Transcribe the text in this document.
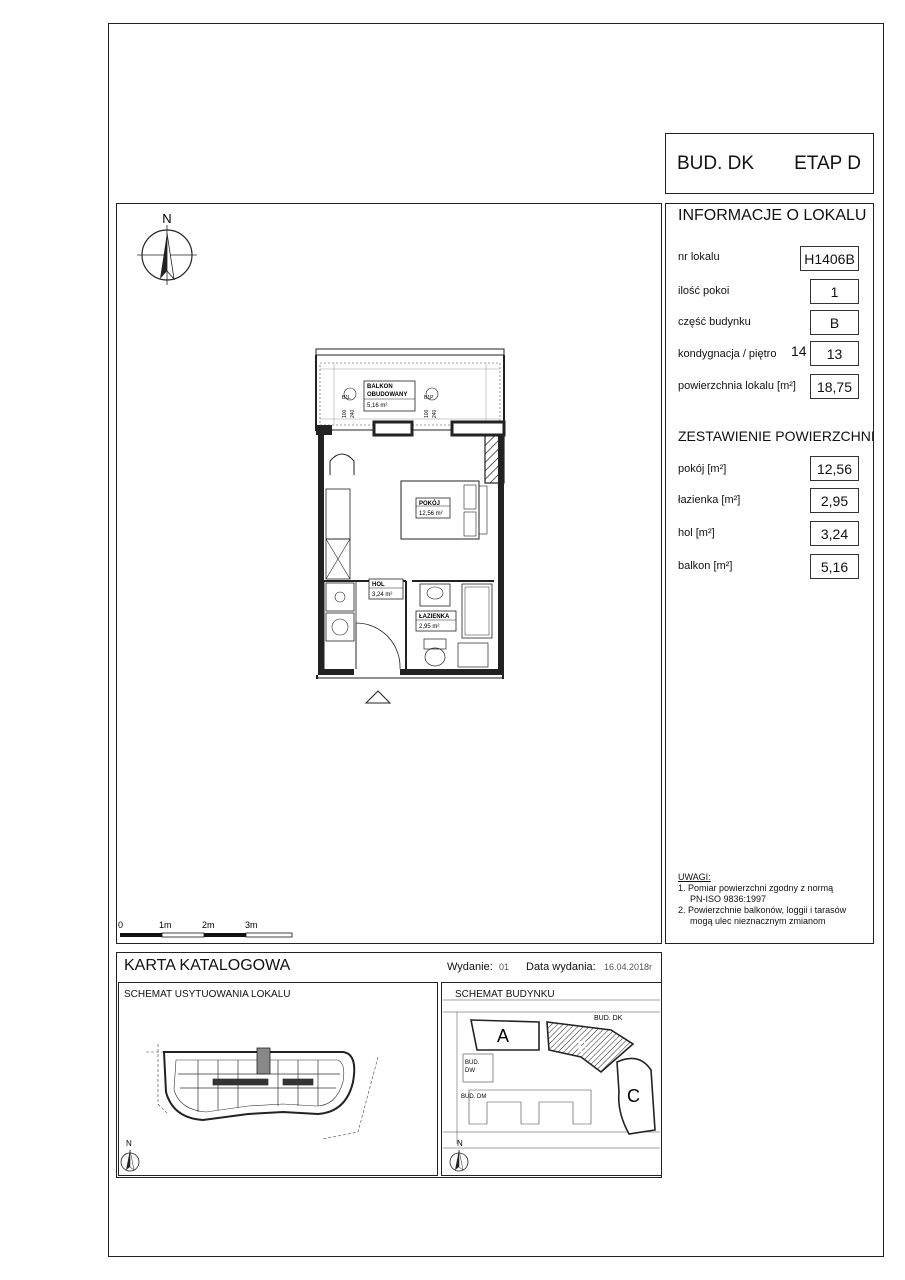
BUD. DK ETAP D
INFORMACJE O LOKALU
nr lokalu	H1406B
ilość pokoi	1
część budynku	B
kondygnacja / piętro 14	13
powierzchnia lokalu [m²]	18,75
ZESTAWIENIE POWIERZCHNI
pokój [m²]	12,56
łazienka [m²]	2,95
hol [m²]	3,24
balkon [m²]	5,16
UWAGI:
1. Pomiar powierzchni zgodny z normą
PN-ISO 9836:1997
2. Powierzchnie balkonów, loggii i tarasów
mogą ulec nieznacznym zmianom
N
BALKON
OBUDOWANY
5,16 m²
B1L	B1P
100 240	100 240
POKÓJ
12,56 m²
HOL
3,24 m²
ŁAZIENKA
2,95 m²
0	1m	2m	3m
KARTA KATALOGOWA	Wydanie: 01 Data wydania: 16.04.2018r
SCHEMAT USYTUOWANIA LOKALU	SCHEMAT BUDYNKU
N
A
B
C
BUD. DK
BUD.
DW
BUD. DM
N
